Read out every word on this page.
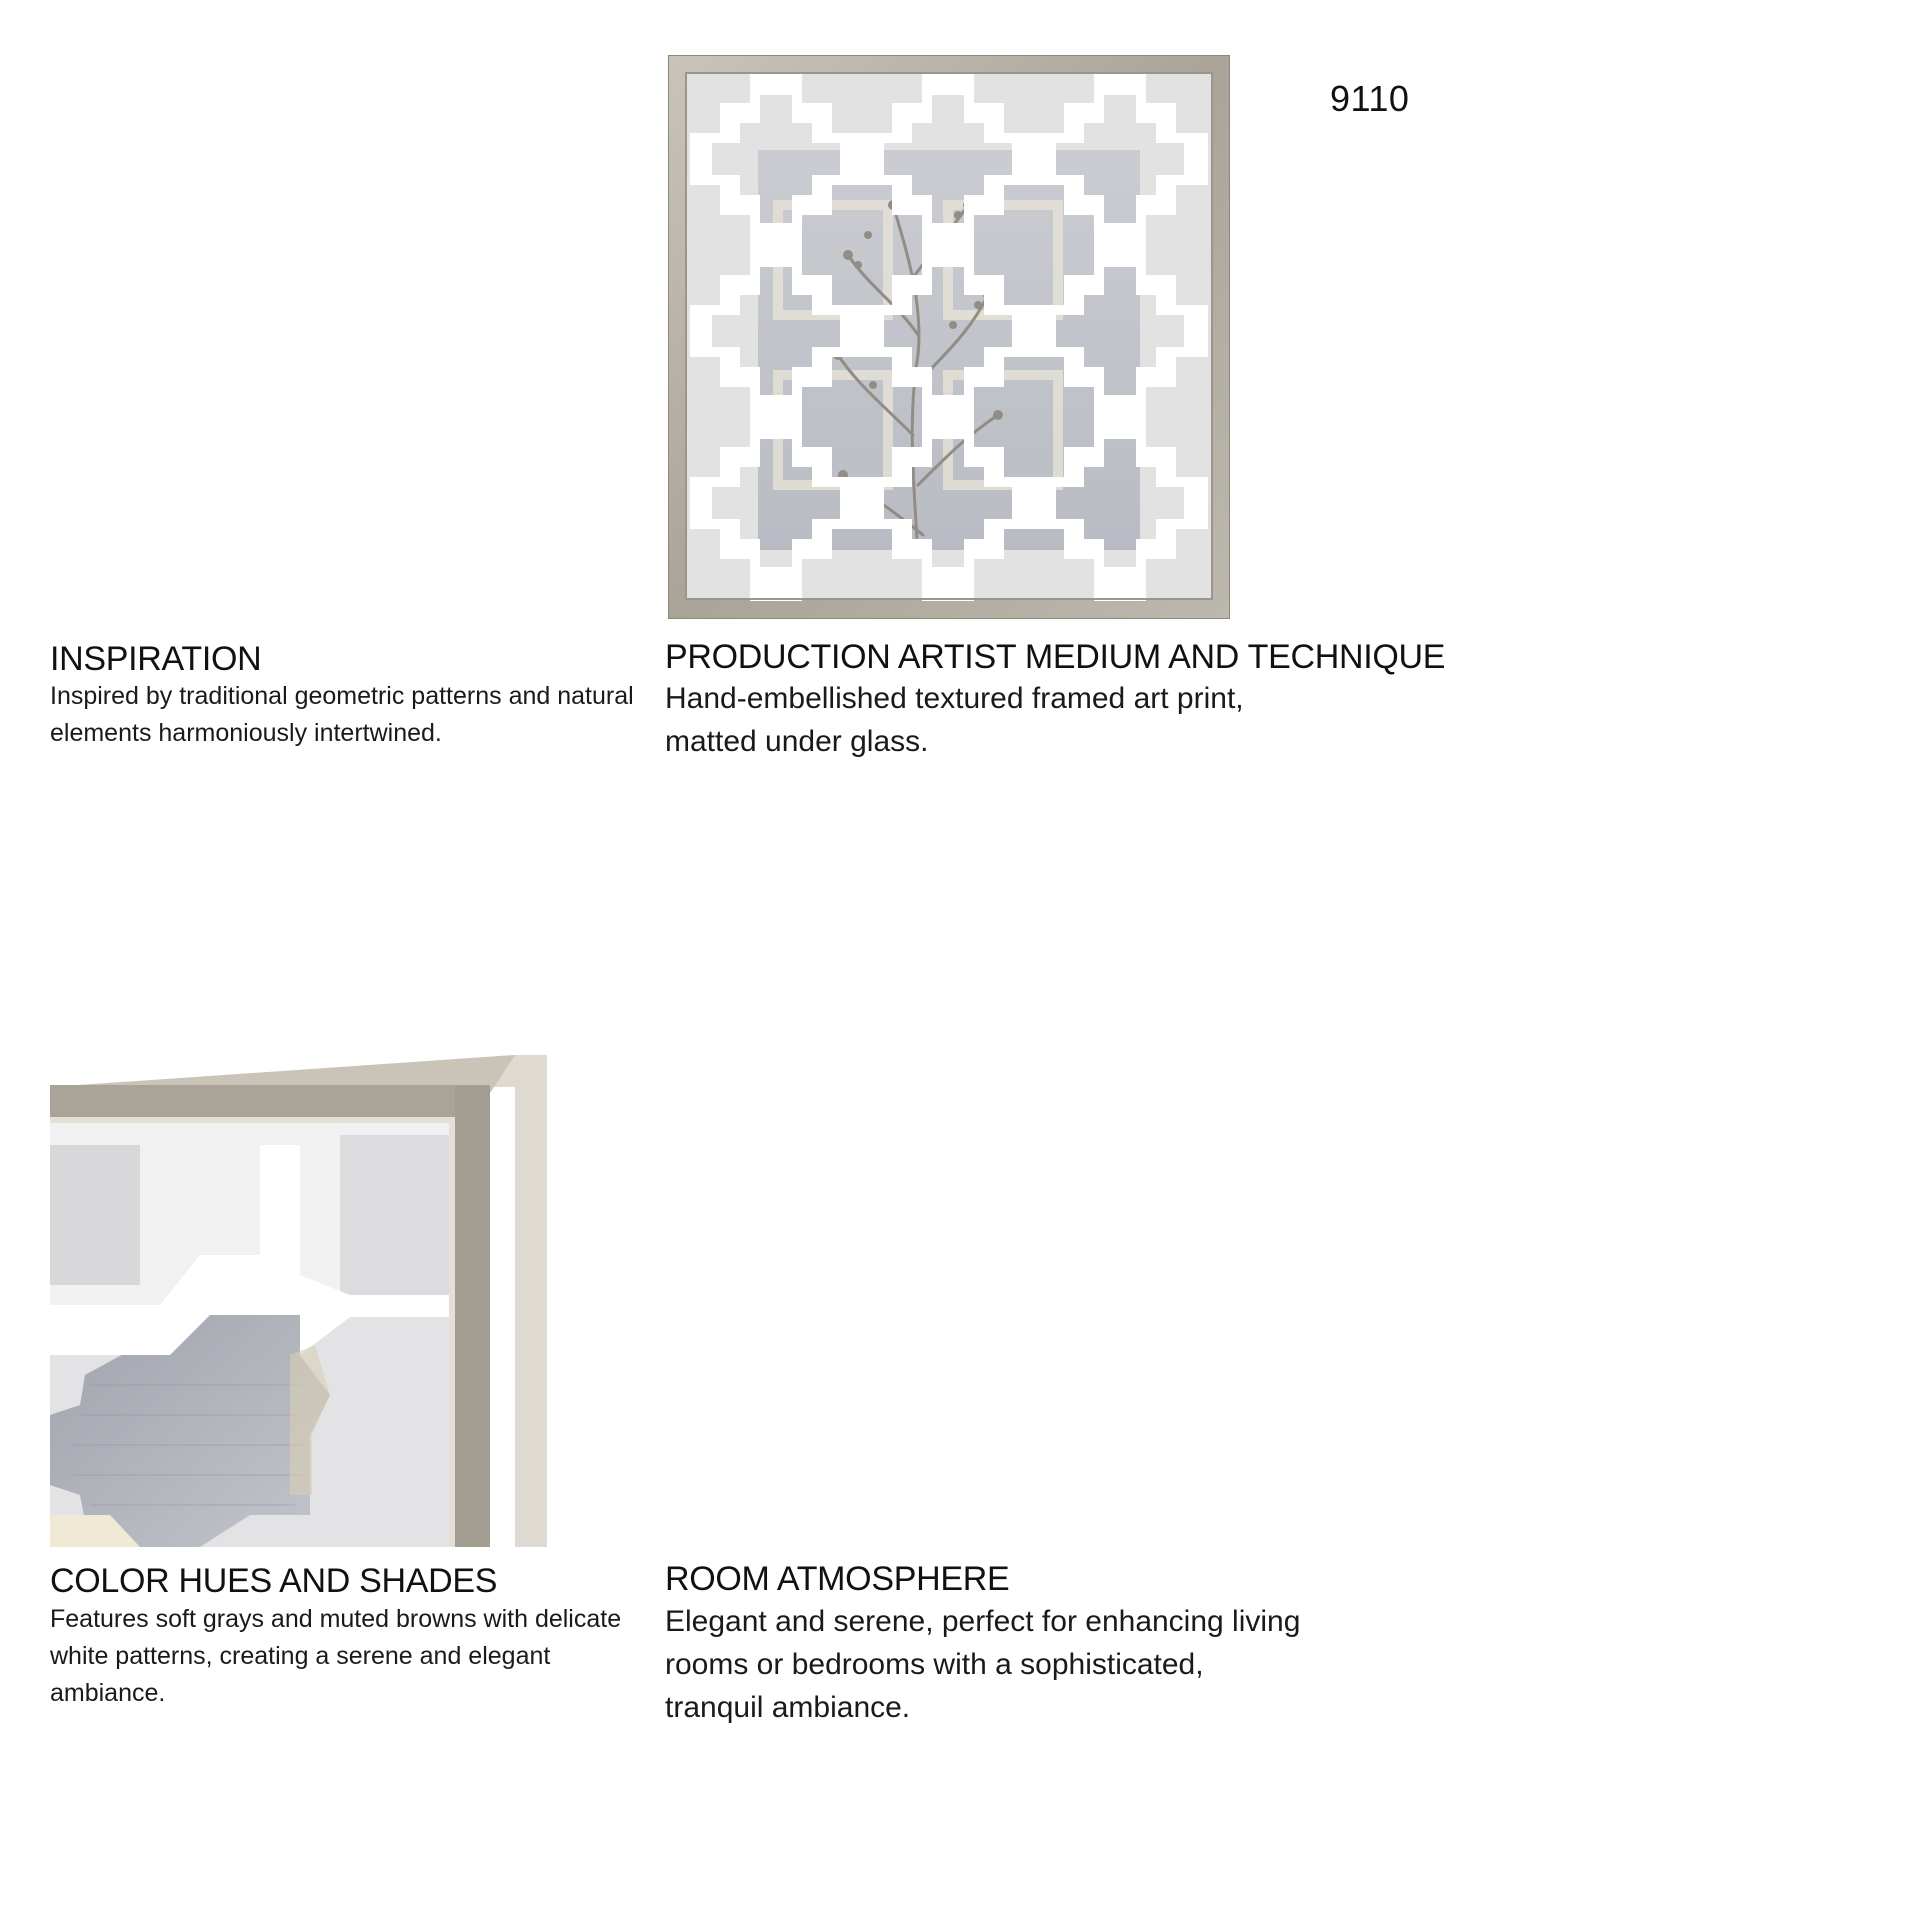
9110
INSPIRATION
Inspired by traditional geometric patterns and natural elements harmoniously intertwined.
PRODUCTION ARTIST MEDIUM AND TECHNIQUE
Hand-embellished textured framed art print, matted under glass.
COLOR HUES AND SHADES
Features soft grays and muted browns with delicate white patterns, creating a serene and elegant ambiance.
ROOM ATMOSPHERE
Elegant and serene, perfect for enhancing living rooms or bedrooms with a sophisticated, tranquil ambiance.
